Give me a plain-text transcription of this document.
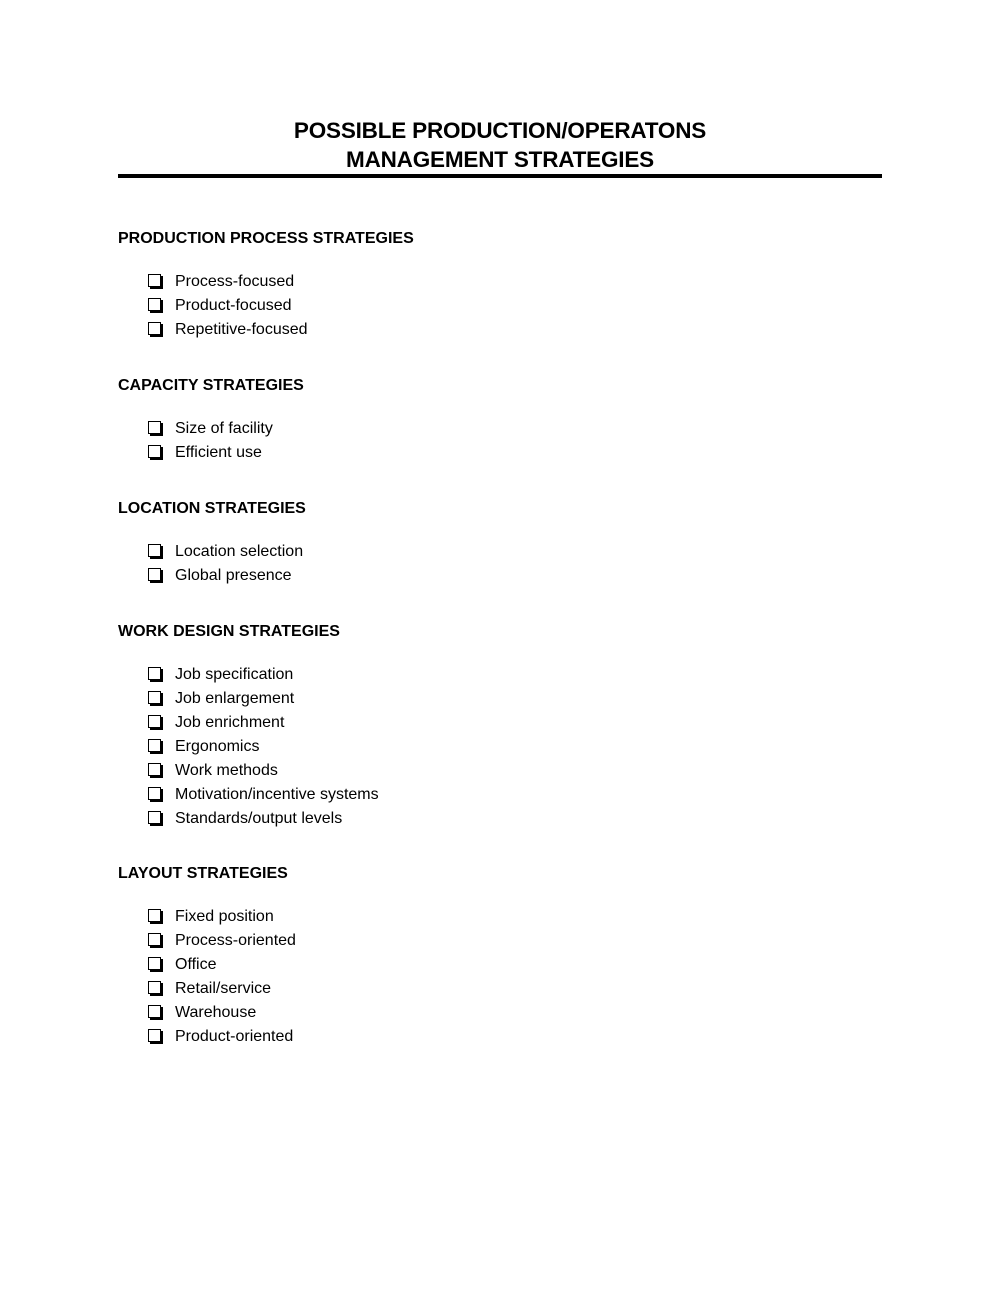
POSSIBLE PRODUCTION/OPERATONS
MANAGEMENT STRATEGIES
PRODUCTION PROCESS STRATEGIES
Process-focused
Product-focused
Repetitive-focused
CAPACITY STRATEGIES
Size of facility
Efficient use
LOCATION STRATEGIES
Location selection
Global presence
WORK DESIGN STRATEGIES
Job specification
Job enlargement
Job enrichment
Ergonomics
Work methods
Motivation/incentive systems
Standards/output levels
LAYOUT STRATEGIES
Fixed position
Process-oriented
Office
Retail/service
Warehouse
Product-oriented
